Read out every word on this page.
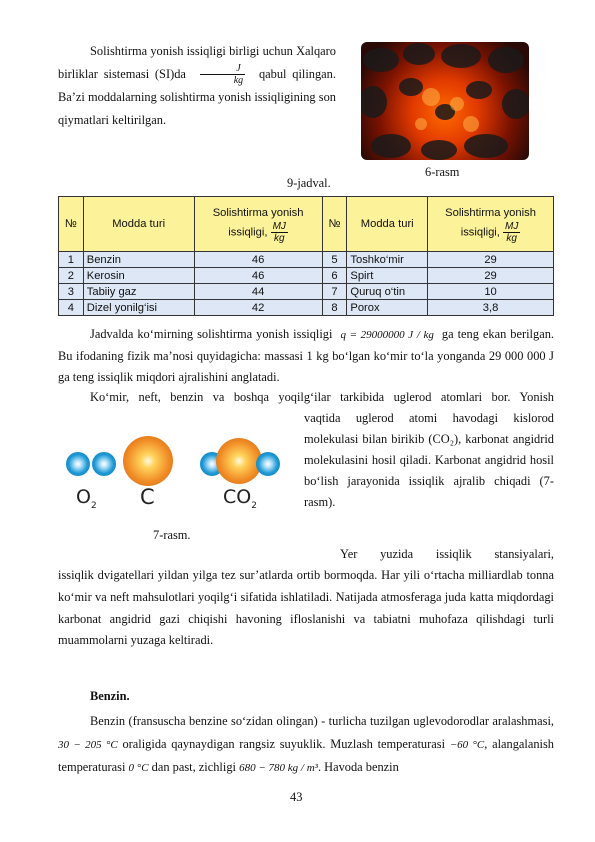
Solishtirma yonish issiqligi birligi uchun Xalqaro birliklar sistemasi $(SI)da \frac{J}{kg}$ qabul qilingan. Ba’zi moddalarning solishtirma yonish issiqligining son qiymatlari keltirilgan.
6-rasm
9-jadval.
№	Modda turi	Solishtirma yonish issiqligi, $\frac{MJ}{kg}$	№	Modda turi	Solishtirma yonish issiqligi, $\frac{MJ}{kg}$

1	Benzin	46	5	Toshko‘mir	29
2	Kerosin	46	6	Spirt	29
3	Tabiiy gaz	44	7	Quruq o‘tin	10
4	Dizel yonilg‘isi	42	8	Porox	3,8
Jadvalda ko‘mirning solishtirma yonish issiqligi q = 29000000 J / kg ga teng ekan berilgan. Bu ifodaning fizik ma’nosi quyidagicha: massasi 1 kg bo‘lgan ko‘mir to‘la yonganda 29 000 000 J ga teng issiqlik miqdori ajralishini anglatadi.
Ko‘mir, neft, benzin va boshqa yoqilg‘ilar tarkibida uglerod atomlari bor. Yonish
vaqtida uglerod atomi havodagi kislorod molekulasi bilan birikib (CO₂), karbonat angidrid molekulasini hosil qiladi. Karbonat angidrid hosil bo‘lish jarayonida issiqlik ajralib chiqadi (7-rasm).
$O_2$ C	$CO_2$
7-rasm.
Yer yuzida issiqlik stansiyalari,
issiqlik dvigatellari yildan yilga tez sur’atlarda ortib bormoqda. Har yili o‘rtacha milliardlab tonna ko‘mir va neft mahsulotlari yoqilg‘i sifatida ishlatiladi. Natijada atmosferaga juda katta miqdordagi karbonat angidrid gazi chiqishi havoning ifloslanishi va tabiatni muhofaza qilishdagi turli muammolarni yuzaga keltiradi.
Benzin.
Benzin (fransuscha benzine so‘zidan olingan) - turlicha tuzilgan uglevodorodlar aralashmasi, 30 − 205 °C oraligida qaynaydigan rangsiz suyuklik. Muzlash temperaturasi −60 °C, alangalanish temperaturasi 0 °C dan past, zichligi 680 − 780 kg / m³. Havoda benzin
43
